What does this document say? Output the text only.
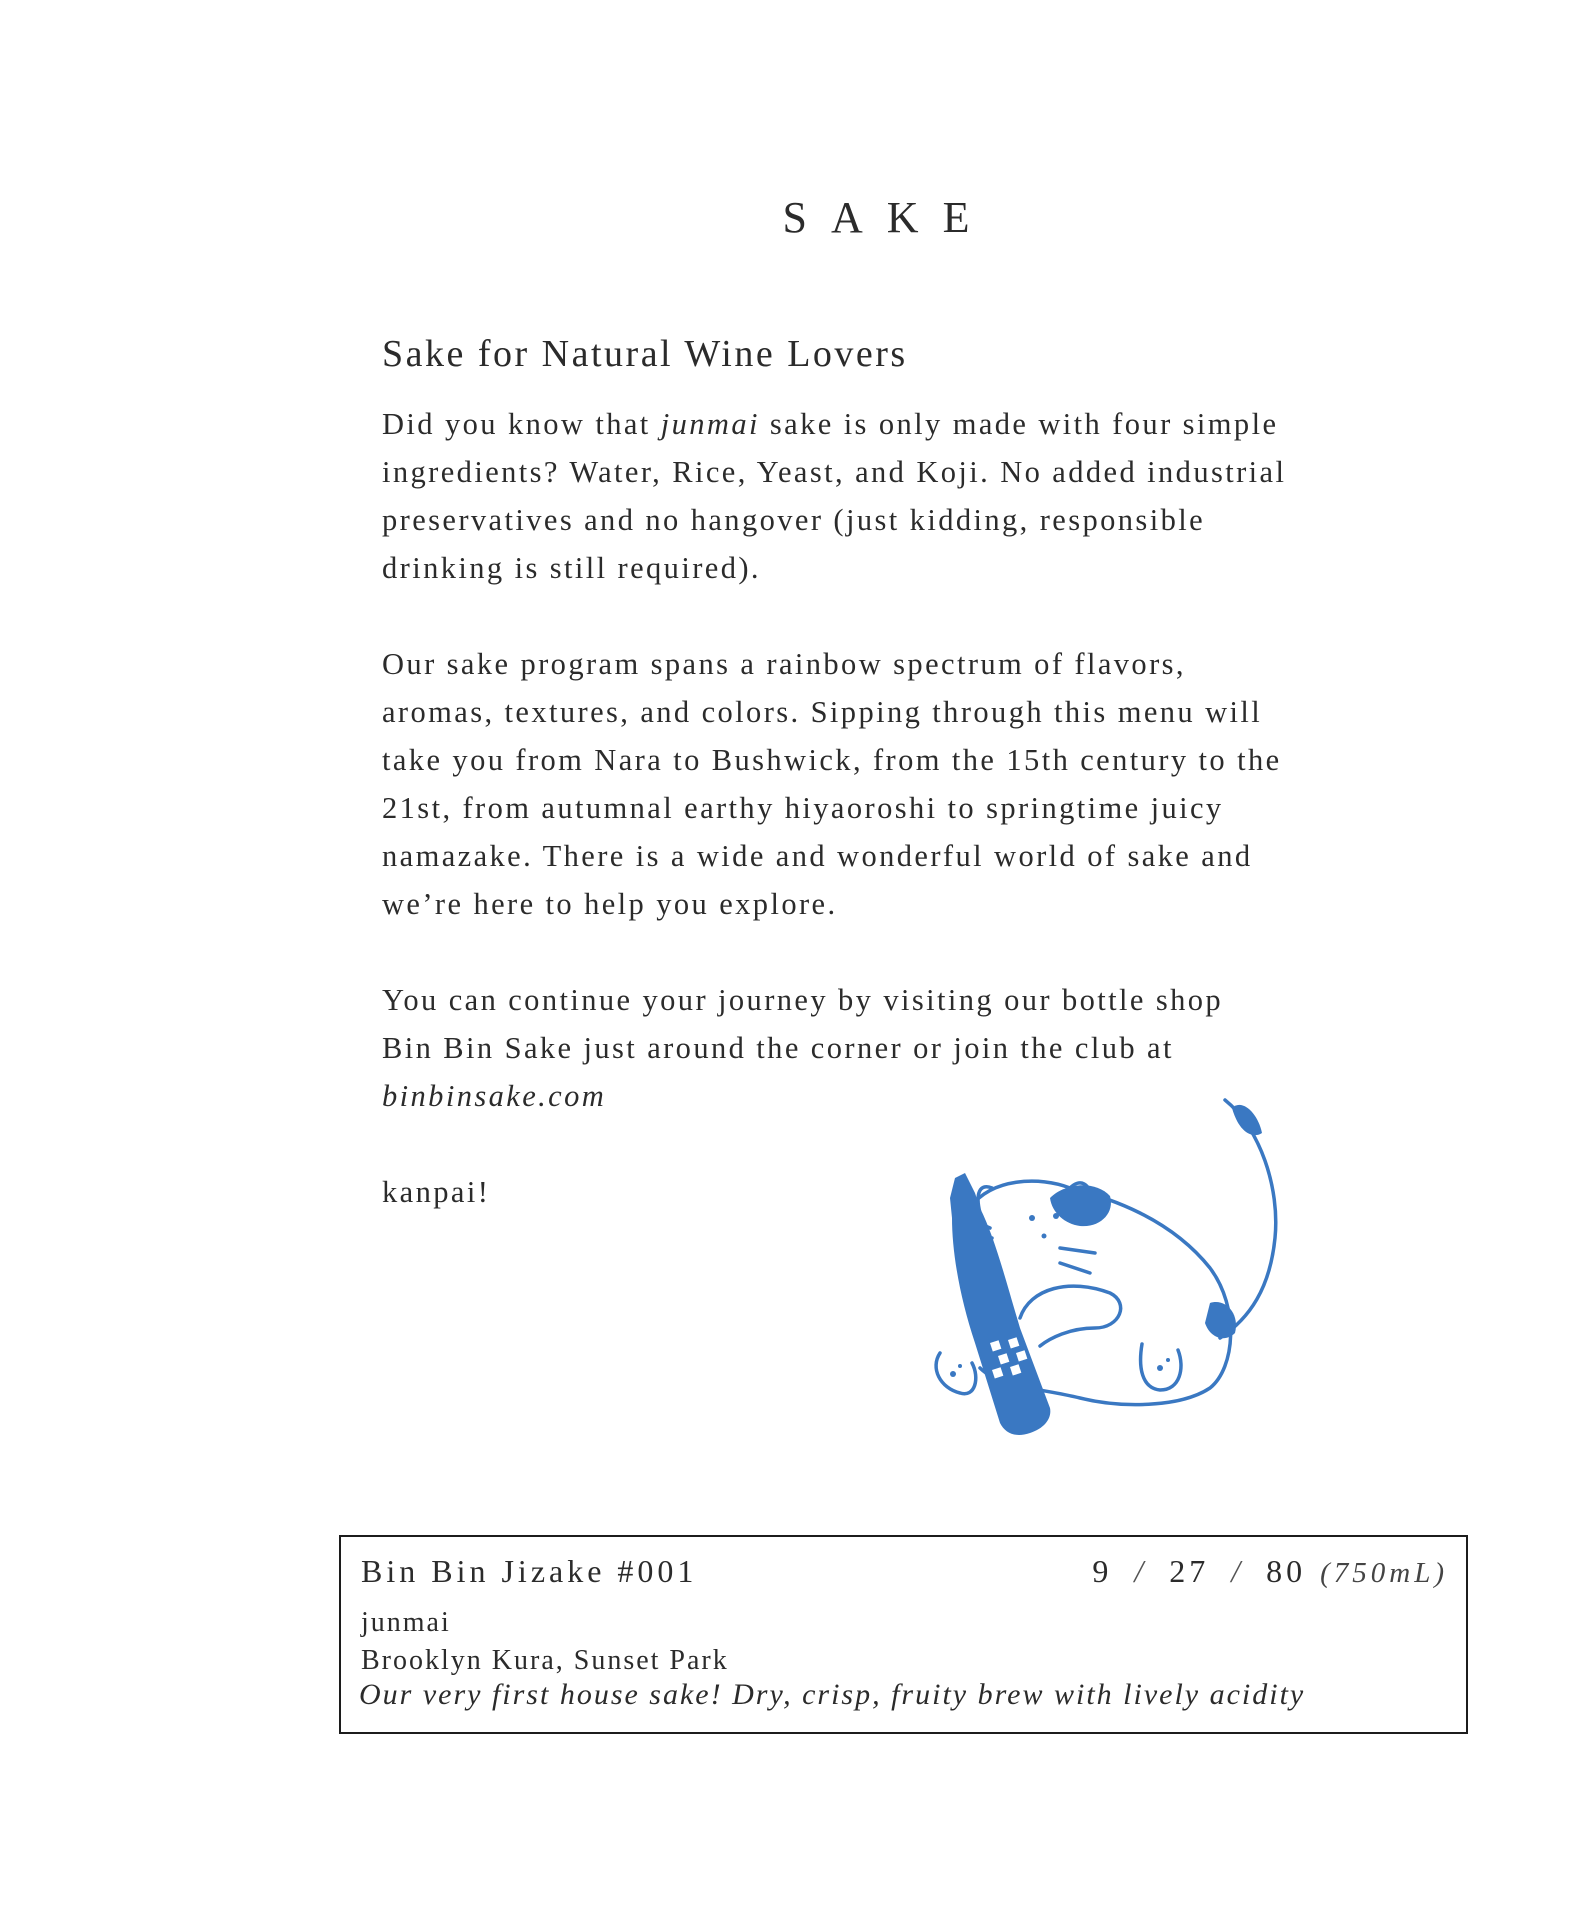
SAKE
Sake for Natural Wine Lovers

Did you know that junmai sake is only made with four simple
ingredients? Water, Rice, Yeast, and Koji. No added industrial
preservatives and no hangover (just kidding, responsible
drinking is still required).

Our sake program spans a rainbow spectrum of flavors,
aromas, textures, and colors. Sipping through this menu will
take you from Nara to Bushwick, from the 15th century to the
21st, from autumnal earthy hiyaoroshi to springtime juicy
namazake. There is a wide and wonderful world of sake and
we’re here to help you explore.

You can continue your journey by visiting our bottle shop
Bin Bin Sake just around the corner or join the club at
binbinsake.com

kanpai!

Bin Bin Jizake #001	9 / 27 / 80 (750mL)
junmai
Brooklyn Kura, Sunset Park
Our very first house sake! Dry, crisp, fruity brew with lively acidity
